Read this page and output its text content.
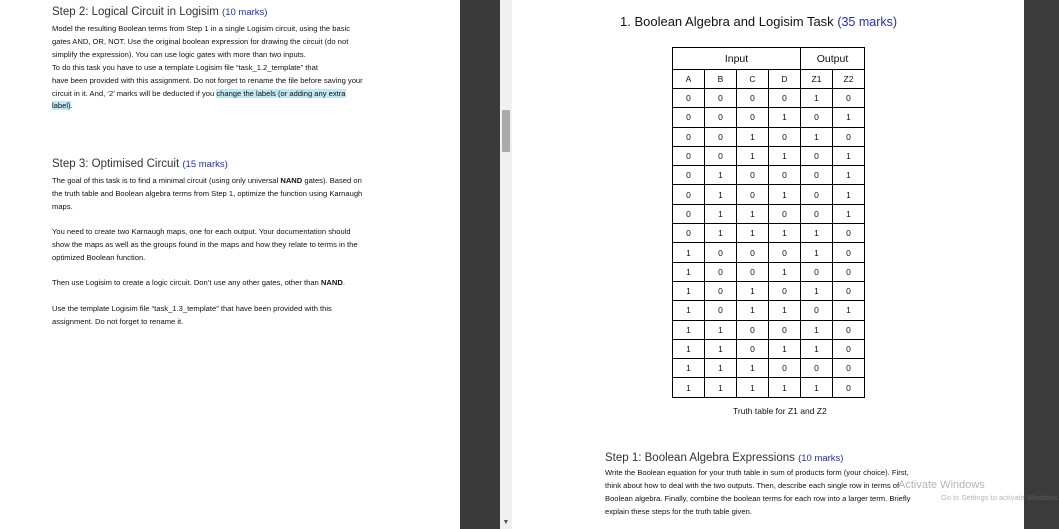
Step 2: Logical Circuit in Logisim (10 marks)

Model the resulting Boolean terms from Step 1 in a single Logisim circuit, using the basic

gates AND, OR, NOT. Use the original boolean expression for drawing the circuit (do not

simplify the expression). You can use logic gates with more than two inputs.

To do this task you have to use a template Logisim file “task_1.2_template” that

have been provided with this assignment. Do not forget to rename the file before saving your

circuit in it. And, ‘2’ marks will be deducted if you change the labels (or adding any extra

label).

Step 3: Optimised Circuit (15 marks)

The goal of this task is to find a minimal circuit (using only universal NAND gates). Based on

the truth table and Boolean algebra terms from Step 1, optimize the function using Karnaugh

maps.

You need to create two Karnaugh maps, one for each output. Your documentation should

show the maps as well as the groups found in the maps and how they relate to terms in the

optimized Boolean function.

Then use Logisim to create a logic circuit. Don’t use any other gates, other than NAND.

Use the template Logisim file “task_1.3_template” that have been provided with this

assignment. Do not forget to rename it.

▼
1. Boolean Algebra and Logisim Task (35 marks)
Input				Output	
A	B	C	D	Z1	Z2
0	0	0	0	1	0
0	0	0	1	0	1
0	0	1	0	1	0
0	0	1	1	0	1
0	1	0	0	0	1
0	1	0	1	0	1
0	1	1	0	0	1
0	1	1	1	1	0
1	0	0	0	1	0
1	0	0	1	0	0
1	0	1	0	1	0
1	0	1	1	0	1
1	1	0	0	1	0
1	1	0	1	1	0
1	1	1	0	0	0
1	1	1	1	1	0
Truth table for Z1 and Z2
Step 1: Boolean Algebra Expressions (10 marks)

Write the Boolean equation for your truth table in sum of products form (your choice). First,

think about how to deal with the two outputs. Then, describe each single row in terms of

Boolean algebra. Finally, combine the boolean terms for each row into a larger term. Briefly

explain these steps for the truth table given.

Activate Windows
Go to Settings to activate Windows.
